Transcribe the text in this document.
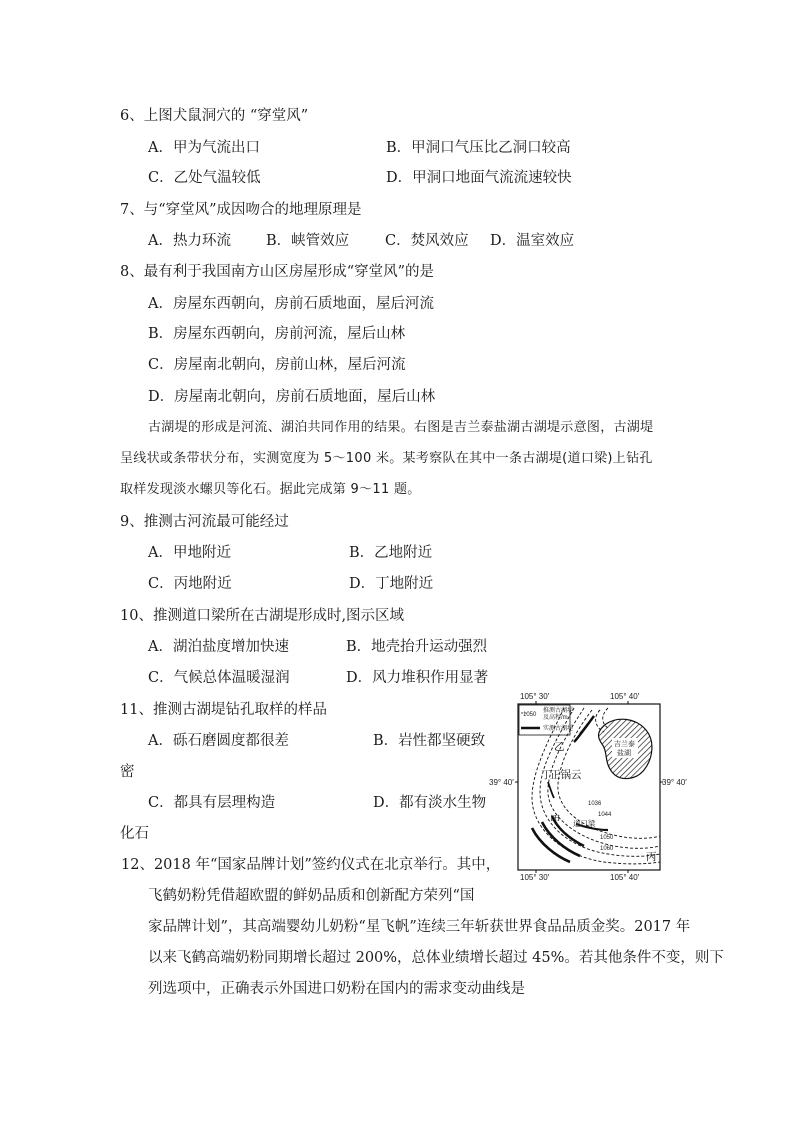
6、上图犬鼠洞穴的 “穿堂风”
A．甲为气流出口	B．甲洞口气压比乙洞口较高
C．乙处气温较低	D．甲洞口地面气流流速较快
7、与“穿堂风”成因吻合的地理原理是
A．热力环流 B．峡管效应 C．焚风效应 D．温室效应
8、最有利于我国南方山区房屋形成“穿堂风”的是
A．房屋东西朝向，房前石质地面，屋后河流
B．房屋东西朝向，房前河流，屋后山林
C．房屋南北朝向，房前山林，屋后河流
D．房屋南北朝向，房前石质地面，屋后山林
古湖堤的形成是河流、湖泊共同作用的结果。右图是吉兰泰盐湖古湖堤示意图，古湖堤
呈线状或条带状分布，实测宽度为 5～100 米。某考察队在其中一条古湖堤(道口梁)上钻孔
取样发现淡水螺贝等化石。据此完成第 9～11 题。
9、推测古河流最可能经过
A．甲地附近	B．乙地附近
C．丙地附近	D．丁地附近
10、推测道口梁所在古湖堤形成时,图示区域
A．湖泊盐度增加快速	B．地壳抬升运动强烈
C．气候总体温暖湿润	D．风力堆积作用显著
11、推测古湖堤钻孔取样的样品
A．砾石磨圆度都很差	B．岩性都坚硬致
密
C．都具有层理构造	D．都有淡水生物
化石
12、2018 年“国家品牌计划”签约仪式在北京举行。其中，
飞鹤奶粉凭借超欧盟的鲜奶品质和创新配方荣列“国
家品牌计划”，其高端婴幼儿奶粉“星飞帆”连续三年斩获世界食品品质金奖。2017 年
以来飞鹤高端奶粉同期增长超过 200%，总体业绩增长超过 45%。若其他条件不变，则下
列选项中，正确表示外国进口奶粉在国内的需求变动曲线是
105° 30′	105° 40′
105° 30′	105° 40′
39° 40′	39° 40′
1050
推测古湖堤
及高程/m
实测古湖堤
吉兰泰
盐湖
1036
1044
1050
1060
乙
丁
正锅云
甲 道口梁
丙
